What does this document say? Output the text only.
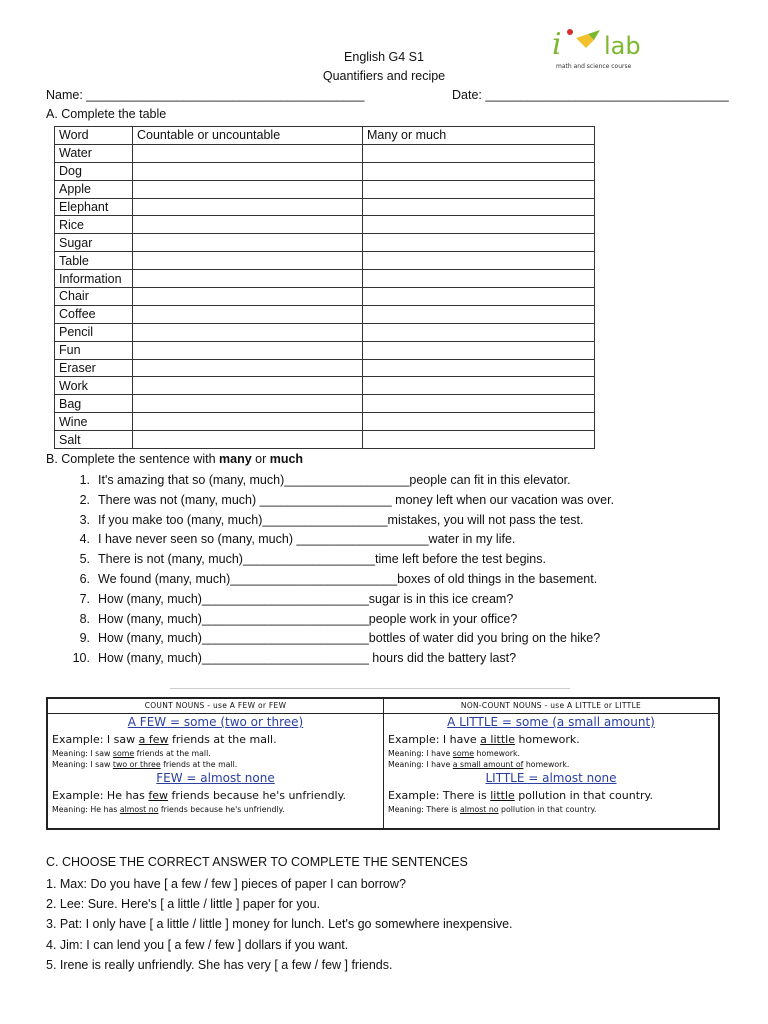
English G4 S1
Quantifiers and recipe
i lab
math and science course
Name: ________________________________________	Date: ___________________________________
A. Complete the table
Word	Countable or uncountable	Many or much
Water		
Dog		
Apple		
Elephant		
Rice		
Sugar		
Table		
Information		
Chair		
Coffee		
Pencil		
Fun		
Eraser		
Work		
Bag		
Wine		
Salt		
B. Complete the sentence with many or much
1. It's amazing that so (many, much)__________________people can fit in this elevator.
2. There was not (many, much) ___________________ money left when our vacation was over.
3. If you make too (many, much)__________________mistakes, you will not pass the test.
4. I have never seen so (many, much) ___________________water in my life.
5. There is not (many, much)___________________time left before the test begins.
6. We found (many, much)________________________boxes of old things in the basement.
7. How (many, much)________________________sugar is in this ice cream?
8. How (many, much)________________________people work in your office?
9. How (many, much)________________________bottles of water did you bring on the hike?
10. How (many, much)________________________ hours did the battery last?
COUNT NOUNS - use A FEW or FEW
A FEW = some (two or three)
Example: I saw a few friends at the mall.
Meaning: I saw some friends at the mall.
Meaning: I saw two or three friends at the mall.
FEW = almost none
Example: He has few friends because he's unfriendly.
Meaning: He has almost no friends because he's unfriendly.
NON-COUNT NOUNS - use A LITTLE or LITTLE
A LITTLE = some (a small amount)
Example: I have a little homework.
Meaning: I have some homework.
Meaning: I have a small amount of homework.
LITTLE = almost none
Example: There is little pollution in that country.
Meaning: There is almost no pollution in that country.
C. CHOOSE THE CORRECT ANSWER TO COMPLETE THE SENTENCES
1. Max: Do you have [ a few / few ] pieces of paper I can borrow?
2. Lee: Sure. Here's [ a little / little ] paper for you.
3. Pat: I only have [ a little / little ] money for lunch. Let's go somewhere inexpensive.
4. Jim: I can lend you [ a few / few ] dollars if you want.
5. Irene is really unfriendly. She has very [ a few / few ] friends.
